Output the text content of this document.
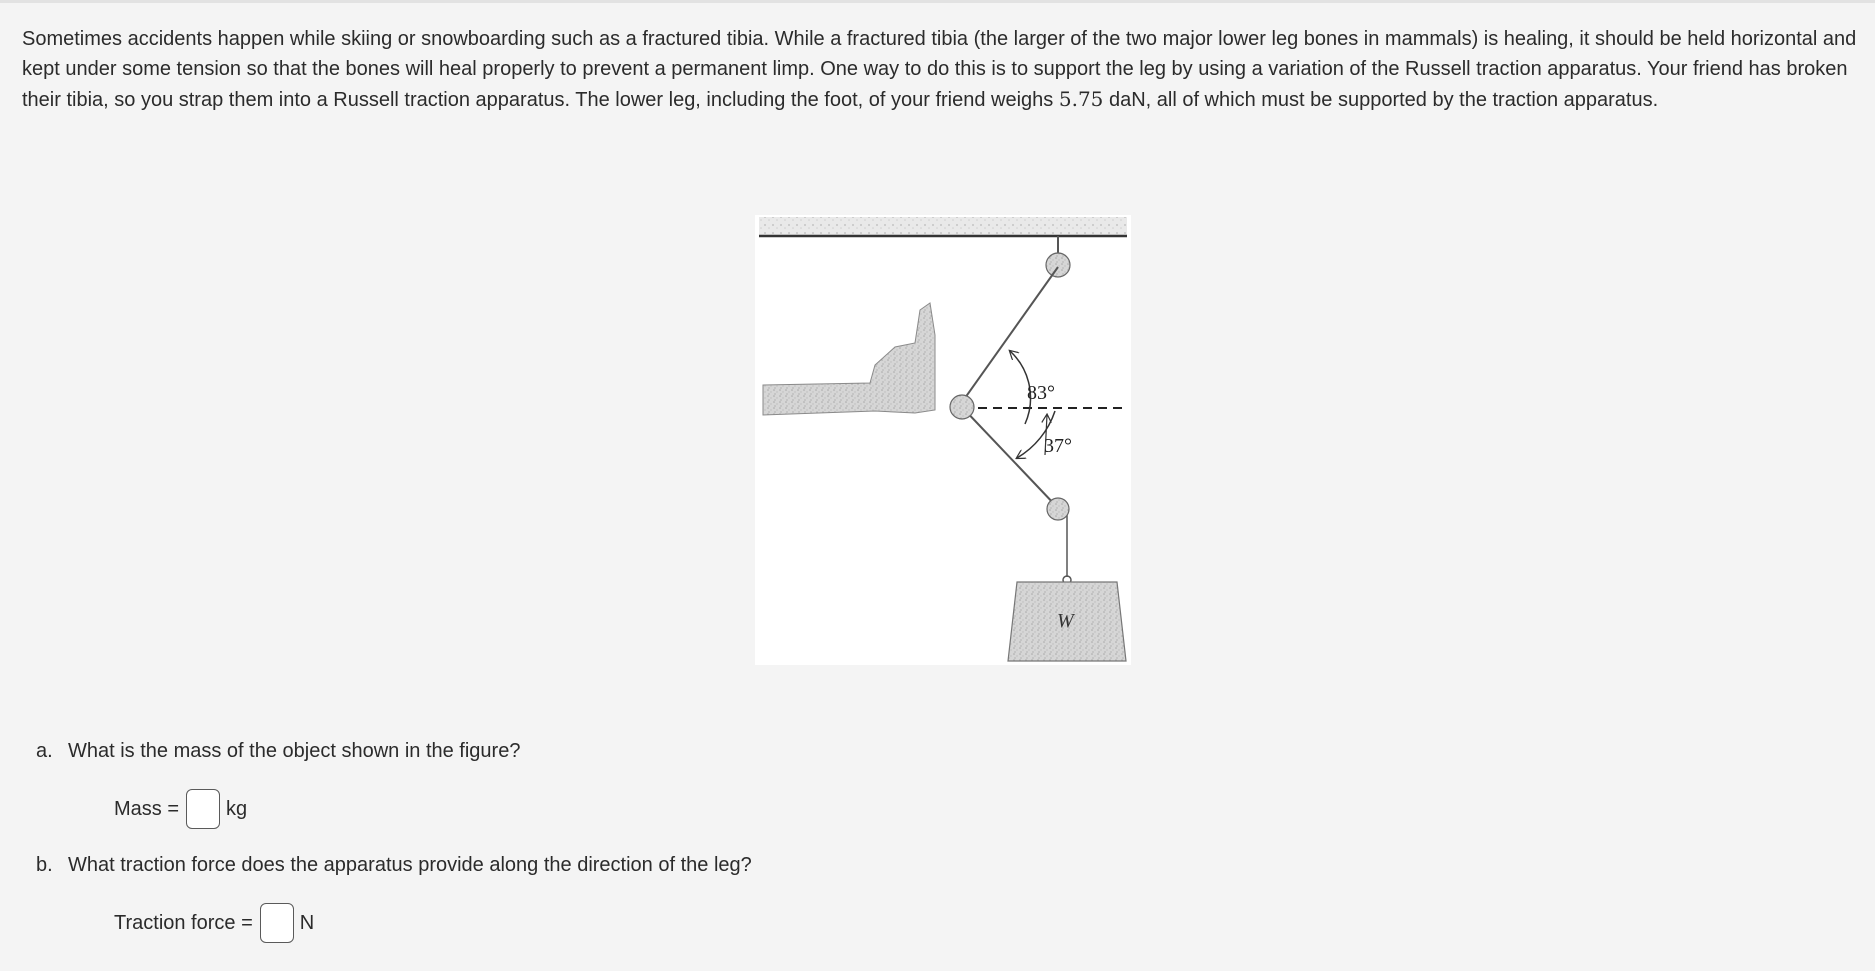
Sometimes accidents happen while skiing or snowboarding such as a fractured tibia. While a fractured tibia (the larger of the two major lower leg bones in mammals) is healing, it should be held horizontal and kept under some tension so that the bones will heal properly to prevent a permanent limp. One way to do this is to support the leg by using a variation of the Russell traction apparatus. Your friend has broken their tibia, so you strap them into a Russell traction apparatus. The lower leg, including the foot, of your friend weighs 5.75 daN, all of which must be supported by the traction apparatus.

83°
37°
W

a. What is the mass of the object shown in the figure?

Mass = kg

b. What traction force does the apparatus provide along the direction of the leg?

Traction force = N
